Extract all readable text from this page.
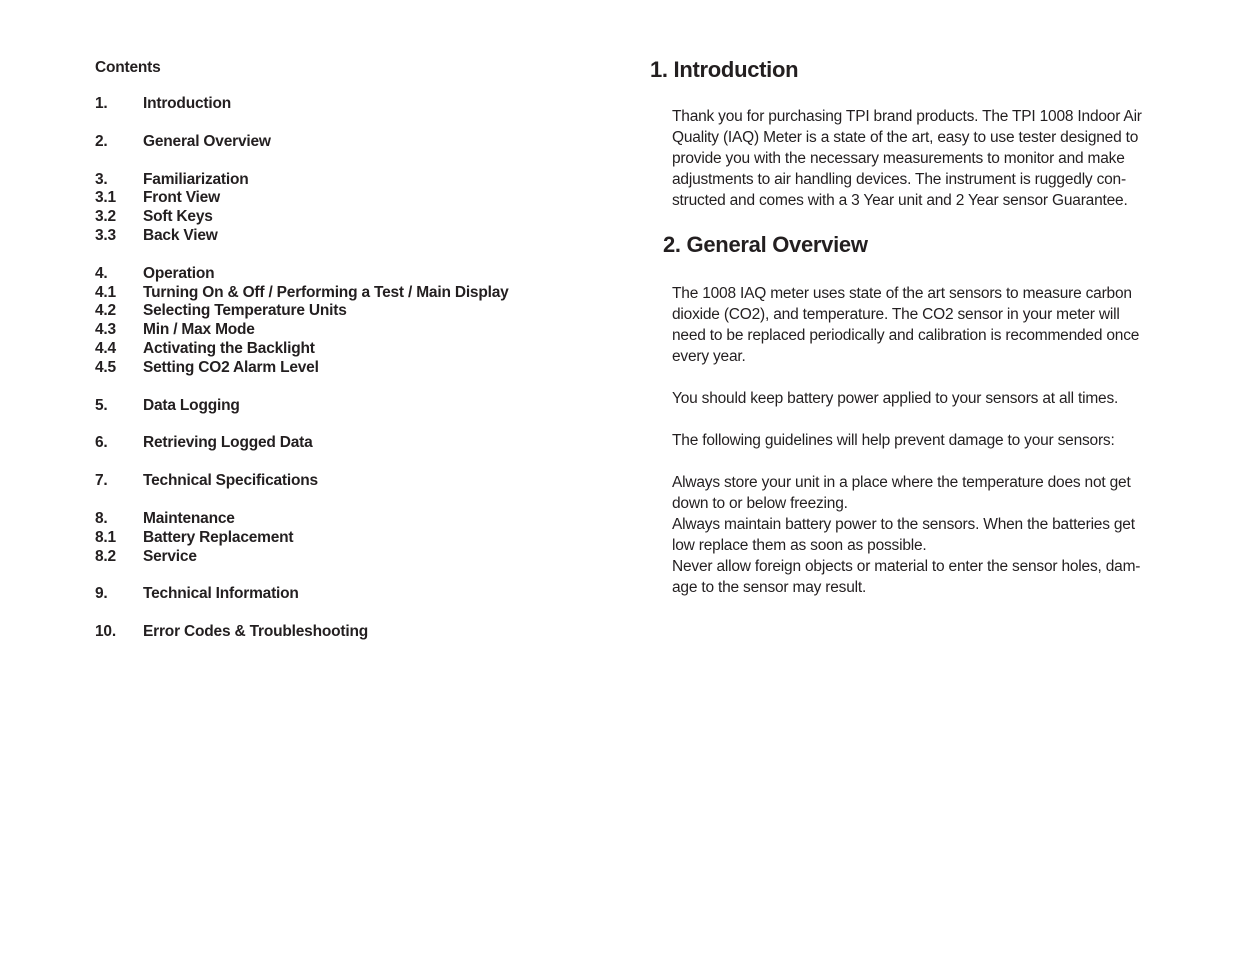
Contents
1.	Introduction
2.	General Overview
3.	Familiarization
3.1	Front View
3.2	Soft Keys
3.3	Back View
4.	Operation
4.1	Turning On & Off / Performing a Test / Main Display
4.2	Selecting Temperature Units
4.3	Min / Max Mode
4.4	Activating the Backlight
4.5	Setting CO2 Alarm Level
5.	Data Logging
6.	Retrieving Logged Data
7.	Technical Specifications
8.	Maintenance
8.1	Battery Replacement
8.2	Service
9.	Technical Information
10.	Error Codes & Troubleshooting
1. Introduction
Thank you for purchasing TPI brand products. The TPI 1008 Indoor Air
Quality (IAQ) Meter is a state of the art, easy to use tester designed to
provide you with the necessary measurements to monitor and make
adjustments to air handling devices. The instrument is ruggedly con-
structed and comes with a 3 Year unit and 2 Year sensor Guarantee.
2. General Overview
The 1008 IAQ meter uses state of the art sensors to measure carbon
dioxide (CO2), and temperature. The CO2 sensor in your meter will
need to be replaced periodically and calibration is recommended once
every year.
You should keep battery power applied to your sensors at all times.
The following guidelines will help prevent damage to your sensors:
Always store your unit in a place where the temperature does not get
down to or below freezing.
Always maintain battery power to the sensors. When the batteries get
low replace them as soon as possible.
Never allow foreign objects or material to enter the sensor holes, dam-
age to the sensor may result.
